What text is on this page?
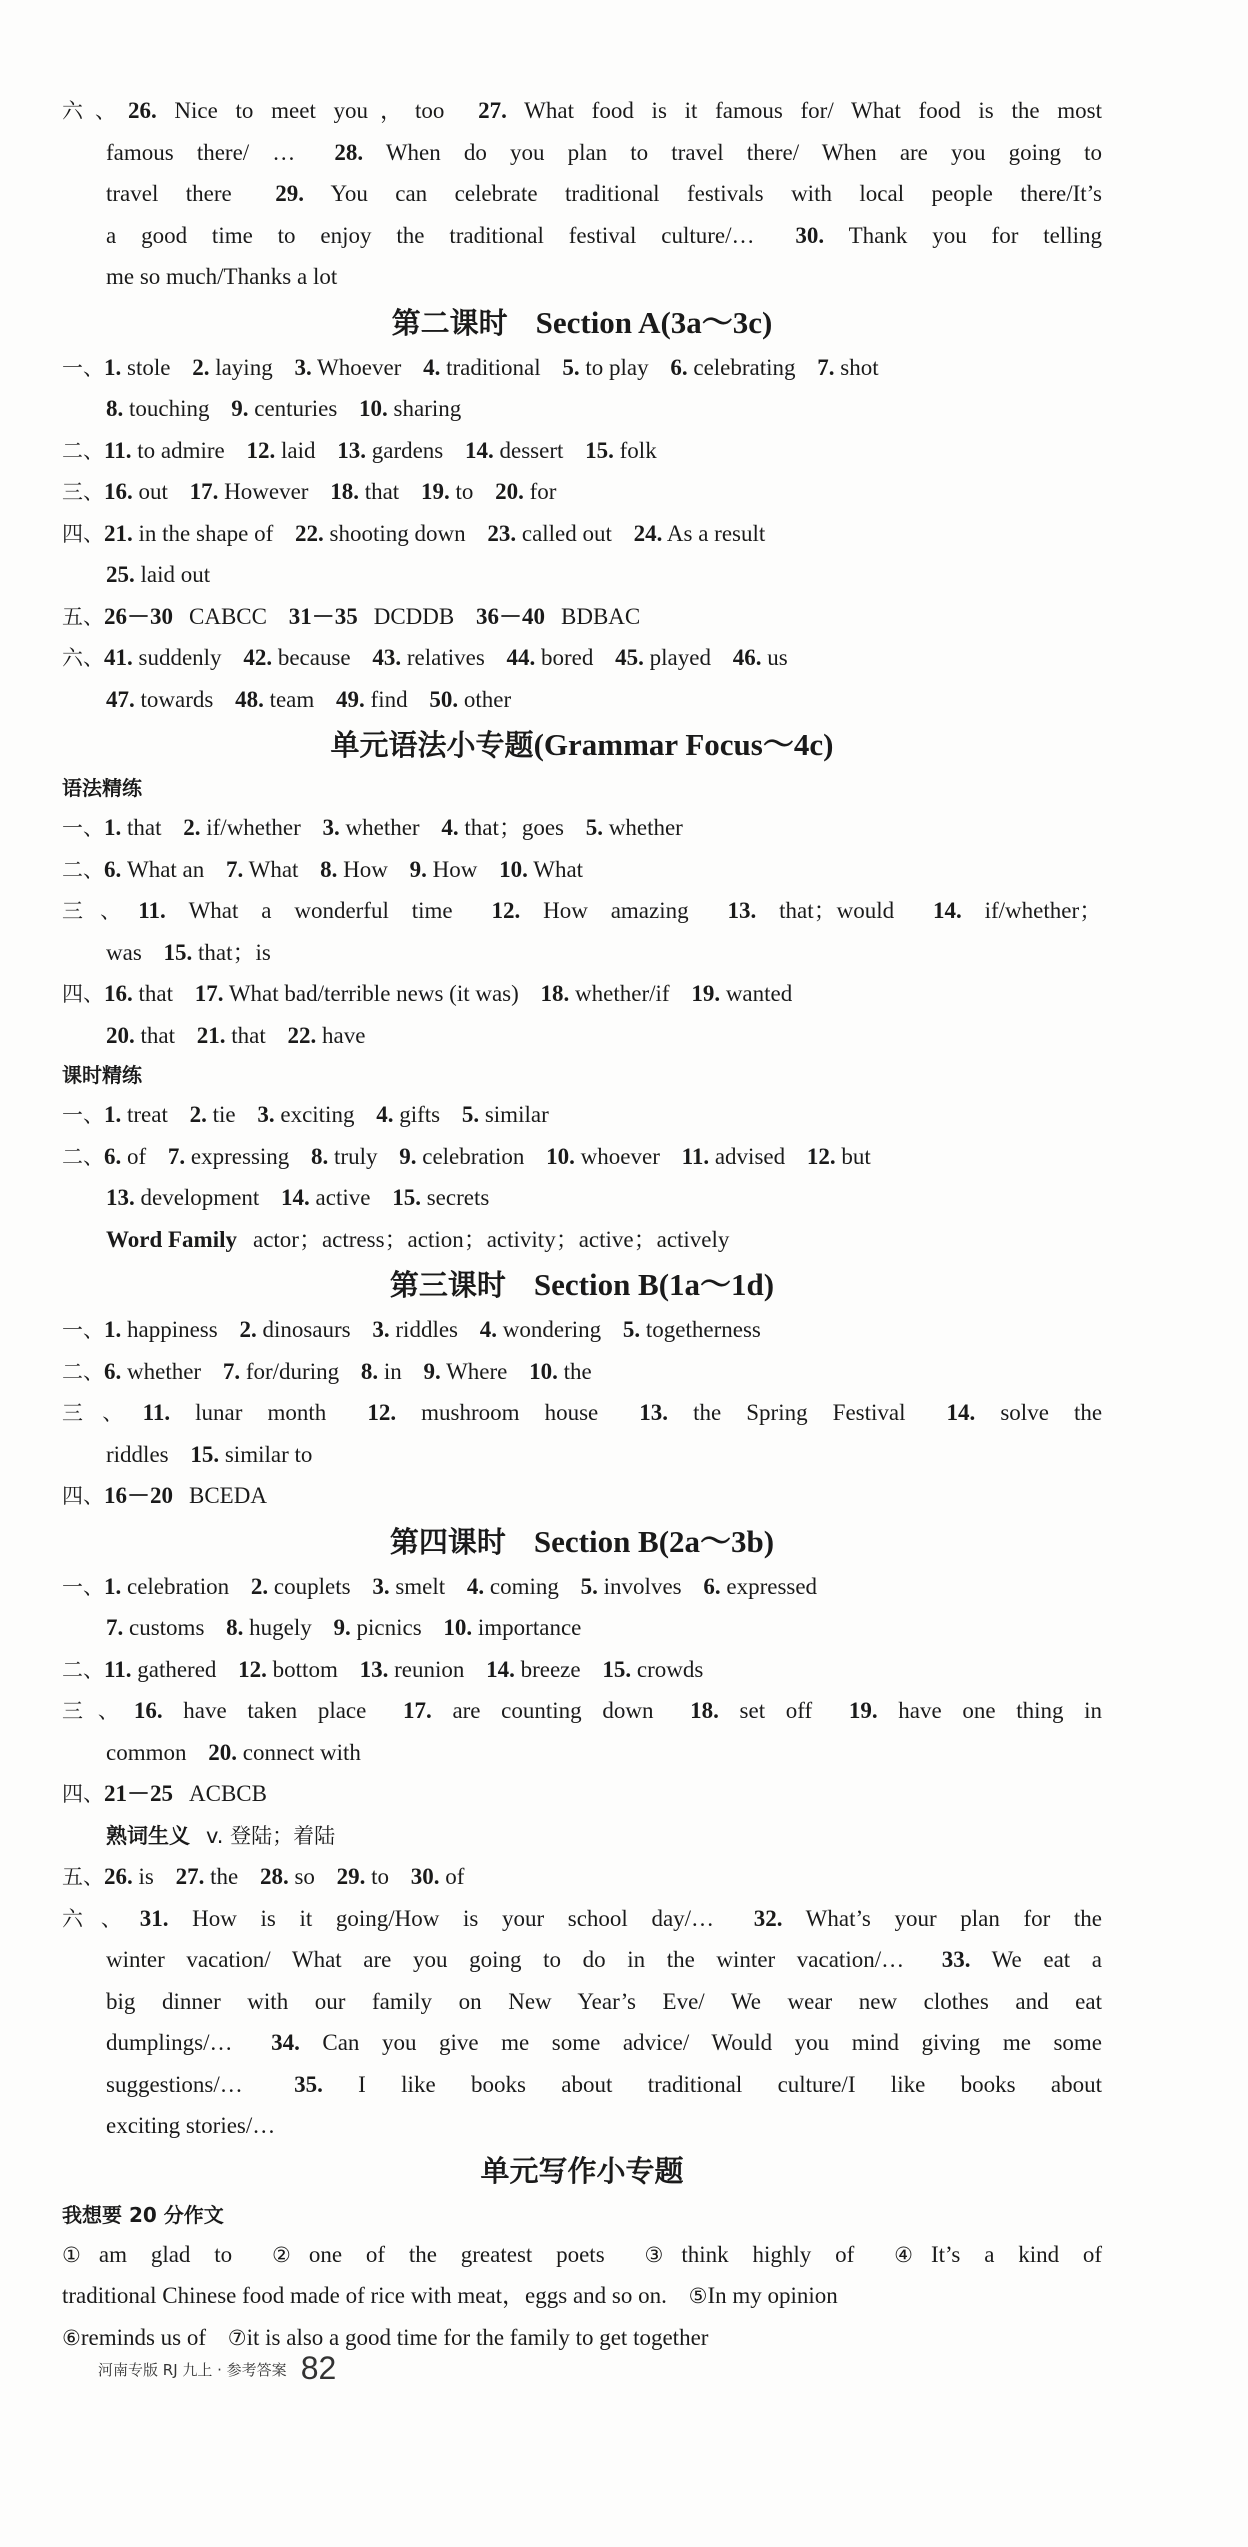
六、26. Nice to meet you，too 27. What food is it famous for/ What food is the most
famous there/ … 28. When do you plan to travel there/ When are you going to
travel there 29. You can celebrate traditional festivals with local people there/It’s
a good time to enjoy the traditional festival culture/… 30. Thank you for telling
me so much/Thanks a lot
第二课时 Section A(3a～3c)
一、1. stole 2. laying 3. Whoever 4. traditional 5. to play 6. celebrating 7. shot
8. touching 9. centuries 10. sharing
二、11. to admire 12. laid 13. gardens 14. dessert 15. folk
三、16. out 17. However 18. that 19. to 20. for
四、21. in the shape of 22. shooting down 23. called out 24. As a result
25. laid out
五、26－30 CABCC 31－35 DCDDB 36－40 BDBAC
六、41. suddenly 42. because 43. relatives 44. bored 45. played 46. us
47. towards 48. team 49. find 50. other
单元语法小专题(Grammar Focus～4c)
语法精练
一、1. that 2. if/whether 3. whether 4. that；goes 5. whether
二、6. What an 7. What 8. How 9. How 10. What
三、11. What a wonderful time 12. How amazing 13. that；would 14. if/whether；
was 15. that；is
四、16. that 17. What bad/terrible news (it was) 18. whether/if 19. wanted
20. that 21. that 22. have
课时精练
一、1. treat 2. tie 3. exciting 4. gifts 5. similar
二、6. of 7. expressing 8. truly 9. celebration 10. whoever 11. advised 12. but
13. development 14. active 15. secrets
Word Family actor；actress；action；activity；active；actively
第三课时 Section B(1a～1d)
一、1. happiness 2. dinosaurs 3. riddles 4. wondering 5. togetherness
二、6. whether 7. for/during 8. in 9. Where 10. the
三、11. lunar month 12. mushroom house 13. the Spring Festival 14. solve the
riddles 15. similar to
四、16－20 BCEDA
第四课时 Section B(2a～3b)
一、1. celebration 2. couplets 3. smelt 4. coming 5. involves 6. expressed
7. customs 8. hugely 9. picnics 10. importance
二、11. gathered 12. bottom 13. reunion 14. breeze 15. crowds
三、16. have taken place 17. are counting down 18. set off 19. have one thing in
common 20. connect with
四、21－25 ACBCB
熟词生义 v. 登陆；着陆
五、26. is 27. the 28. so 29. to 30. of
六、31. How is it going/How is your school day/… 32. What’s your plan for the
winter vacation/ What are you going to do in the winter vacation/… 33. We eat a
big dinner with our family on New Year’s Eve/ We wear new clothes and eat
dumplings/… 34. Can you give me some advice/ Would you mind giving me some
suggestions/… 35. I like books about traditional culture/I like books about
exciting stories/…
单元写作小专题
我想要 20 分作文
①am glad to ②one of the greatest poets ③think highly of ④It’s a kind of
traditional Chinese food made of rice with meat，eggs and so on. ⑤In my opinion
⑥reminds us of ⑦it is also a good time for the family to get together
河南专版 RJ 九上 · 参考答案 82
